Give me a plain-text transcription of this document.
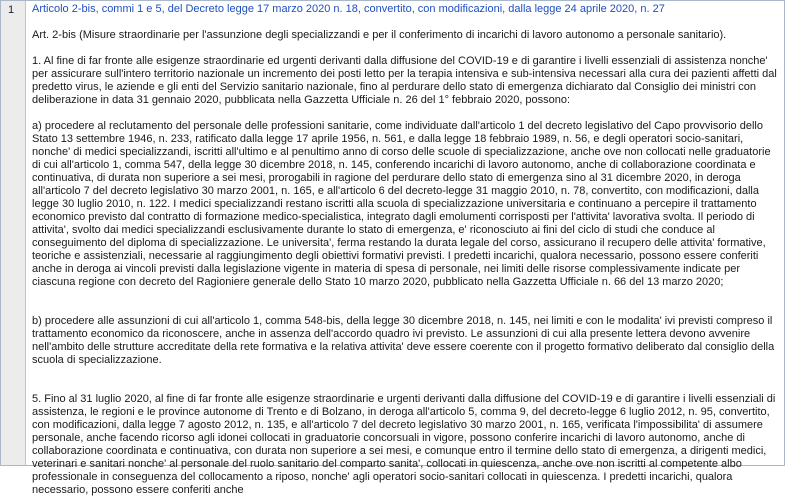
1	Articolo 2-bis, commi 1 e 5, del Decreto legge 17 marzo 2020 n. 18, convertito, con modificazioni, dalla legge 24 aprile 2020, n. 27
Art. 2-bis (Misure straordinarie per l'assunzione degli specializzandi e per il conferimento di incarichi di lavoro autonomo a personale sanitario).
1. Al fine di far fronte alle esigenze straordinarie ed urgenti derivanti dalla diffusione del COVID-19 e di garantire i livelli essenziali di assistenza nonche' per assicurare sull'intero territorio nazionale un incremento dei posti letto per la terapia intensiva e sub-intensiva necessari alla cura dei pazienti affetti dal predetto virus, le aziende e gli enti del Servizio sanitario nazionale, fino al perdurare dello stato di emergenza dichiarato dal Consiglio dei ministri con deliberazione in data 31 gennaio 2020, pubblicata nella Gazzetta Ufficiale n. 26 del 1° febbraio 2020, possono:
a) procedere al reclutamento del personale delle professioni sanitarie, come individuate dall'articolo 1 del decreto legislativo del Capo provvisorio dello Stato 13 settembre 1946, n. 233, ratificato dalla legge 17 aprile 1956, n. 561, e dalla legge 18 febbraio 1989, n. 56, e degli operatori socio-sanitari, nonche' di medici specializzandi, iscritti all'ultimo e al penultimo anno di corso delle scuole di specializzazione, anche ove non collocati nelle graduatorie di cui all'articolo 1, comma 547, della legge 30 dicembre 2018, n. 145, conferendo incarichi di lavoro autonomo, anche di collaborazione coordinata e continuativa, di durata non superiore a sei mesi, prorogabili in ragione del perdurare dello stato di emergenza sino al 31 dicembre 2020, in deroga all'articolo 7 del decreto legislativo 30 marzo 2001, n. 165, e all'articolo 6 del decreto-legge 31 maggio 2010, n. 78, convertito, con modificazioni, dalla legge 30 luglio 2010, n. 122. I medici specializzandi restano iscritti alla scuola di specializzazione universitaria e continuano a percepire il trattamento economico previsto dal contratto di formazione medico-specialistica, integrato dagli emolumenti corrisposti per l'attivita' lavorativa svolta. Il periodo di attivita', svolto dai medici specializzandi esclusivamente durante lo stato di emergenza, e' riconosciuto ai fini del ciclo di studi che conduce al conseguimento del diploma di specializzazione. Le universita', ferma restando la durata legale del corso, assicurano il recupero delle attivita' formative, teoriche e assistenziali, necessarie al raggiungimento degli obiettivi formativi previsti. I predetti incarichi, qualora necessario, possono essere conferiti anche in deroga ai vincoli previsti dalla legislazione vigente in materia di spesa di personale, nei limiti delle risorse complessivamente indicate per ciascuna regione con decreto del Ragioniere generale dello Stato 10 marzo 2020, pubblicato nella Gazzetta Ufficiale n. 66 del 13 marzo 2020;
b) procedere alle assunzioni di cui all'articolo 1, comma 548-bis, della legge 30 dicembre 2018, n. 145, nei limiti e con le modalita' ivi previsti compreso il trattamento economico da riconoscere, anche in assenza dell'accordo quadro ivi previsto. Le assunzioni di cui alla presente lettera devono avvenire nell'ambito delle strutture accreditate della rete formativa e la relativa attivita' deve essere coerente con il progetto formativo deliberato dal consiglio della scuola di specializzazione.
5. Fino al 31 luglio 2020, al fine di far fronte alle esigenze straordinarie e urgenti derivanti dalla diffusione del COVID-19 e di garantire i livelli essenziali di assistenza, le regioni e le province autonome di Trento e di Bolzano, in deroga all'articolo 5, comma 9, del decreto-legge 6 luglio 2012, n. 95, convertito, con modificazioni, dalla legge 7 agosto 2012, n. 135, e all'articolo 7 del decreto legislativo 30 marzo 2001, n. 165, verificata l'impossibilita' di assumere personale, anche facendo ricorso agli idonei collocati in graduatorie concorsuali in vigore, possono conferire incarichi di lavoro autonomo, anche di collaborazione coordinata e continuativa, con durata non superiore a sei mesi, e comunque entro il termine dello stato di emergenza, a dirigenti medici, veterinari e sanitari nonche' al personale del ruolo sanitario del comparto sanita', collocati in quiescenza, anche ove non iscritti al competente albo professionale in conseguenza del collocamento a riposo, nonche' agli operatori socio-sanitari collocati in quiescenza. I predetti incarichi, qualora necessario, possono essere conferiti anche
